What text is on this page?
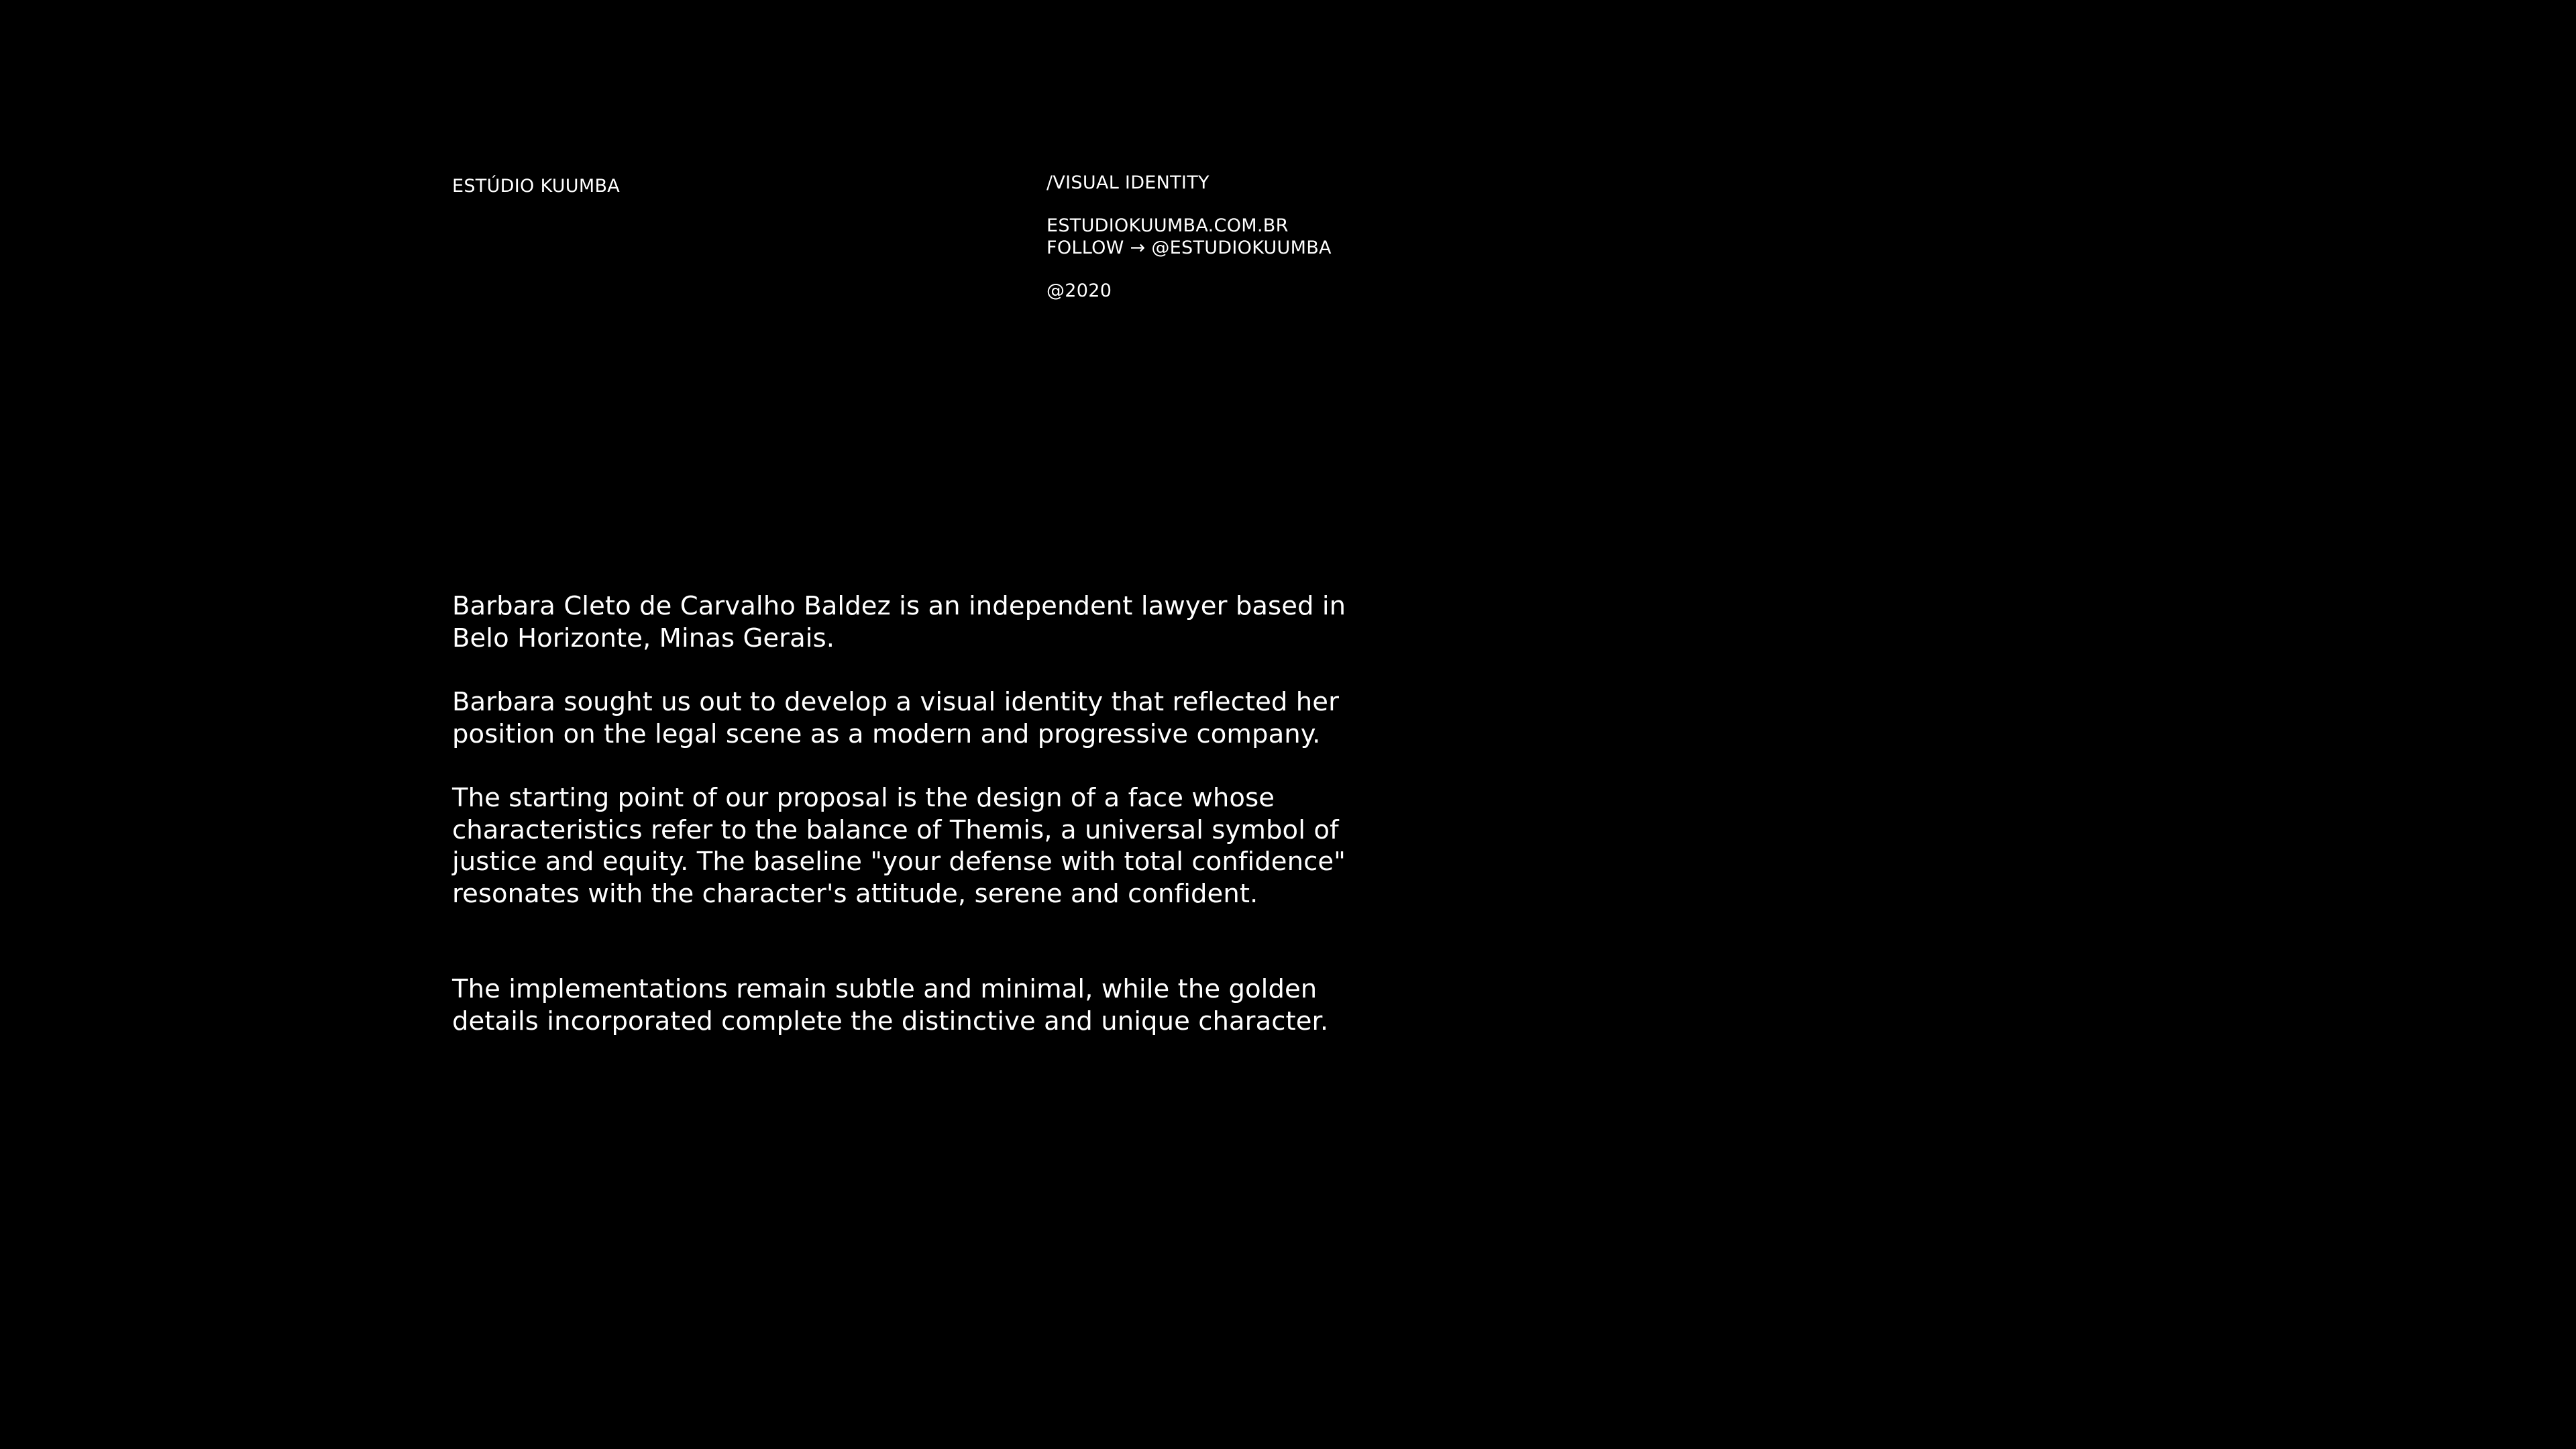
ESTÚDIO KUUMBA	/VISUAL IDENTITY
ESTUDIOKUUMBA.COM.BR
FOLLOW → @ESTUDIOKUUMBA
@2020

Barbara Cleto de Carvalho Baldez is an independent lawyer based in
Belo Horizonte, Minas Gerais.

Barbara sought us out to develop a visual identity that reflected her
position on the legal scene as a modern and progressive company.

The starting point of our proposal is the design of a face whose
characteristics refer to the balance of Themis, a universal symbol of
justice and equity. The baseline "your defense with total confidence"
resonates with the character's attitude, serene and confident.

The implementations remain subtle and minimal, while the golden
details incorporated complete the distinctive and unique character.
